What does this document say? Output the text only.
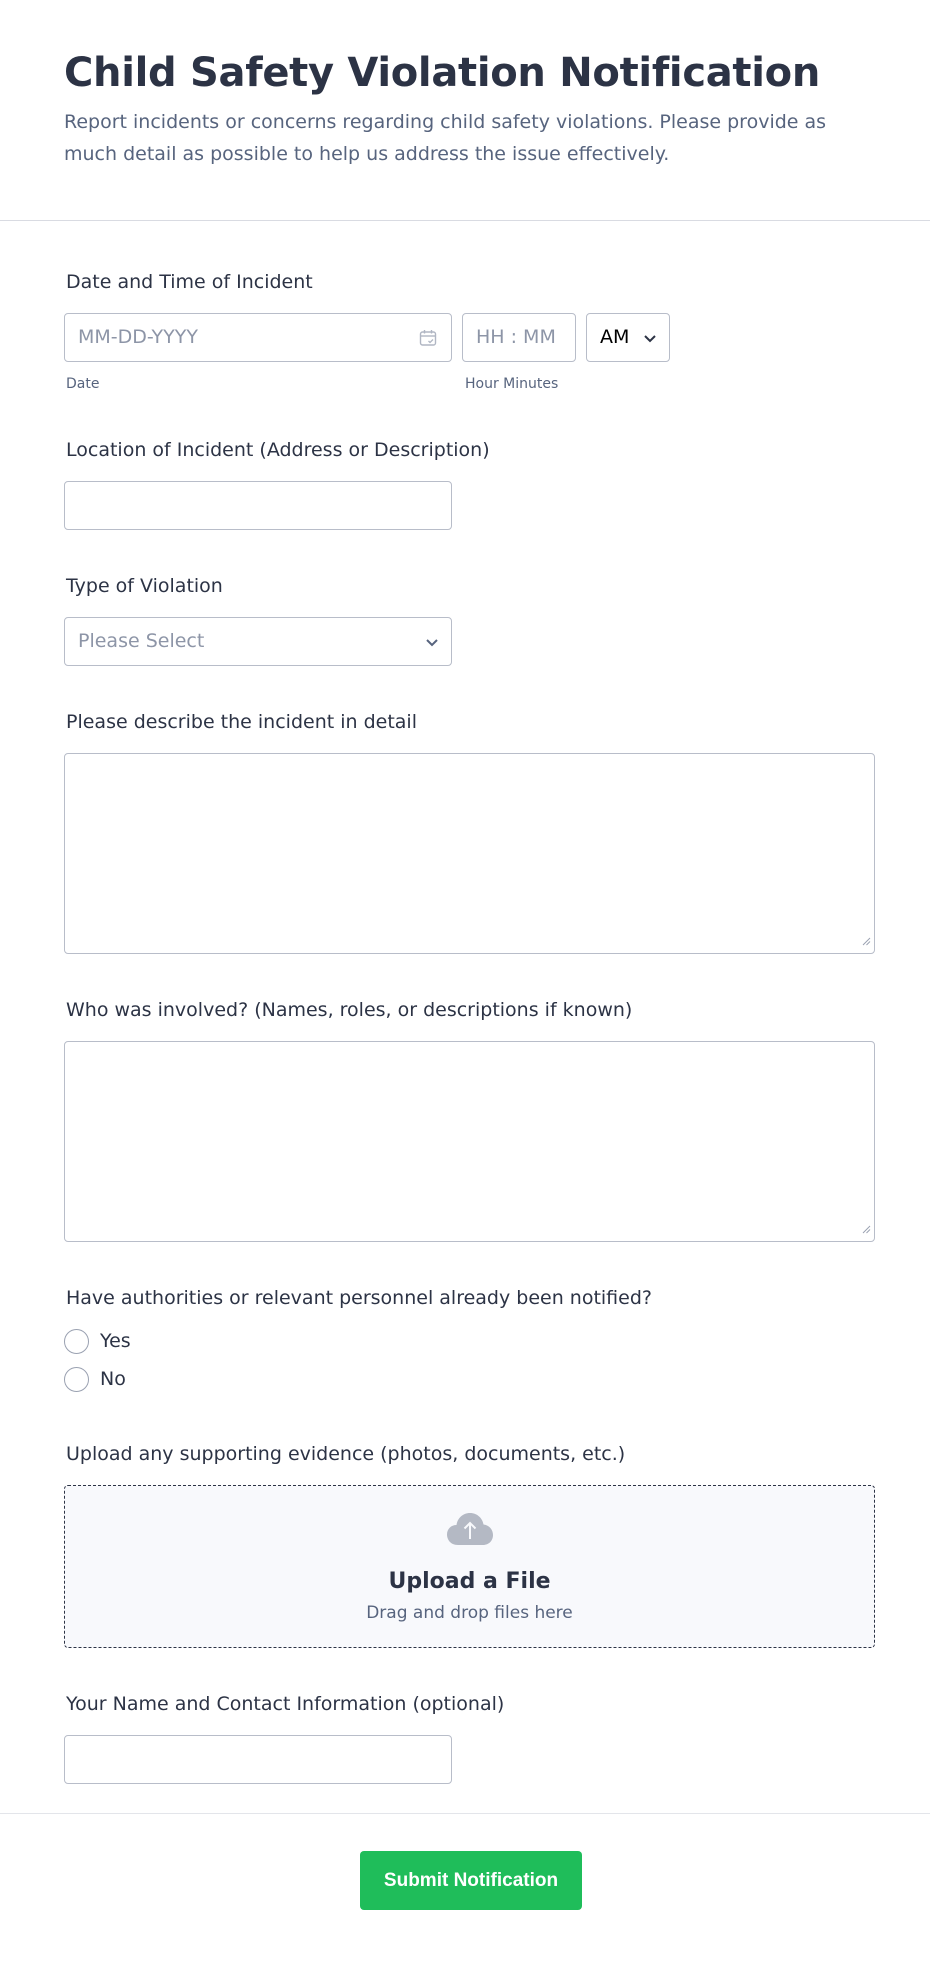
Child Safety Violation Notification
Report incidents or concerns regarding child safety violations. Please provide as much detail as possible to help us address the issue effectively.
Date and Time of Incident
MM-DD-YYYY
Date
HH : MM
Hour Minutes
AM
Location of Incident (Address or Description)
Type of Violation
Please Select
Please describe the incident in detail
Who was involved? (Names, roles, or descriptions if known)
Have authorities or relevant personnel already been notified?
Yes
No
Upload any supporting evidence (photos, documents, etc.)
Upload a File
Drag and drop files here
Your Name and Contact Information (optional)
Submit Notification
